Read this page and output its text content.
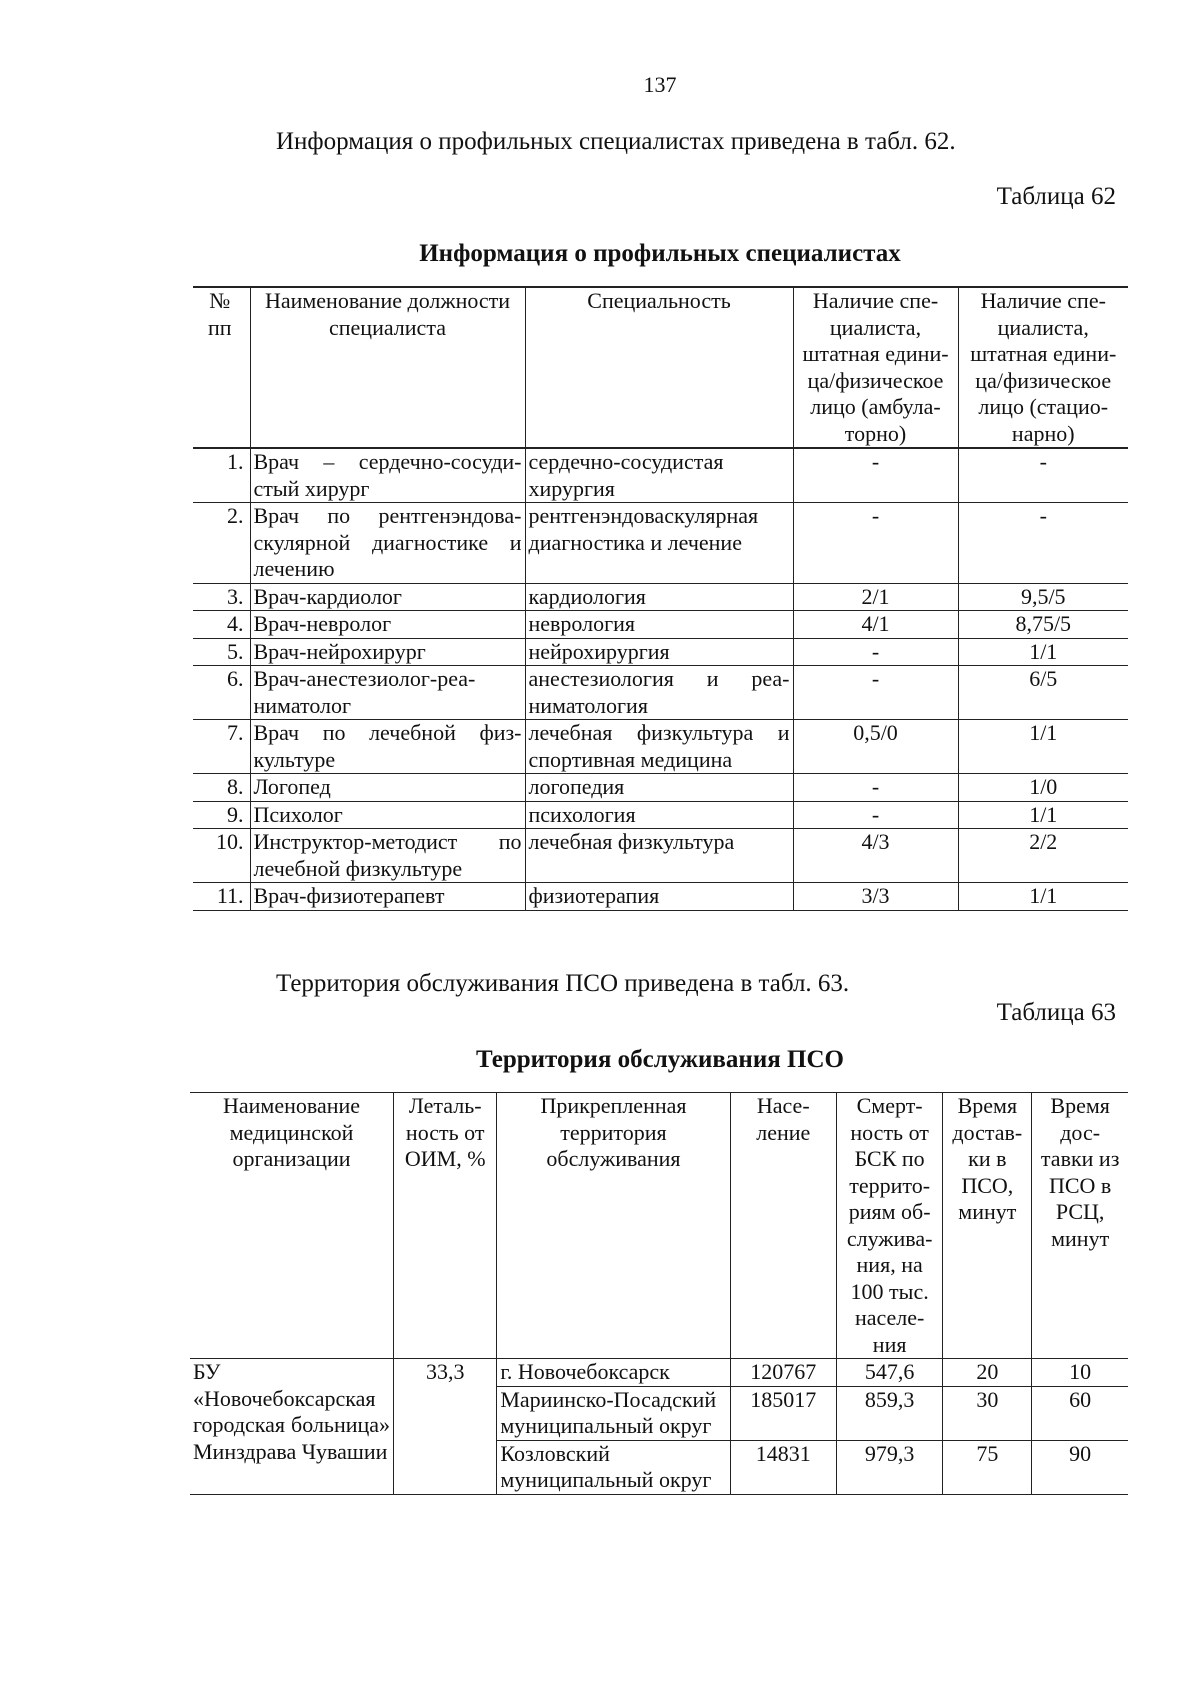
137
Информация о профильных специалистах приведена в табл. 62.
Таблица 62
Информация о профильных специалистах
№ пп	Наименование должности специалиста	Специальность	Наличие спе-циалиста, штатная едини-ца/физическое лицо (амбула-торно)	Наличие спе-циалиста, штатная едини-ца/физическое лицо (стацио-нарно)
1.	Врач – сердечно-сосуди-стый хирург	сердечно-сосудистая хирургия	-	-
2.	Врач по рентгенэндова-скулярной диагностике и лечению	рентгенэндоваскулярная диагностика и лечение	-	-
3.	Врач-кардиолог	кардиология	2/1	9,5/5
4.	Врач-невролог	неврология	4/1	8,75/5
5.	Врач-нейрохирург	нейрохирургия	-	1/1
6.	Врач-анестезиолог-реа-ниматолог	анестезиология и реа-ниматология	-	6/5
7.	Врач по лечебной физ-культуре	лечебная физкультура и спортивная медицина	0,5/0	1/1
8.	Логопед	логопедия	-	1/0
9.	Психолог	психология	-	1/1
10.	Инструктор-методист по лечебной физкультуре	лечебная физкультура	4/3	2/2
11.	Врач-физиотерапевт	физиотерапия	3/3	1/1
Территория обслуживания ПСО приведена в табл. 63.
Таблица 63
Территория обслуживания ПСО
Наименование медицинской организации	Леталь-ность от ОИМ, %	Прикрепленная территория обслуживания	Насе-ление	Смерт-ность от БСК по террито-риям об-служива-ния, на 100 тыс. населе-ния	Время достав-ки в ПСО, минут	Время дос-тавки из ПСО в РСЦ, минут
БУ «Новочебоксарская городская больница» Минздрава Чувашии	33,3	г. Новочебоксарск	120767	547,6	20	10
		Мариинско-Посадский муниципальный округ	185017	859,3	30	60
		Козловский муниципальный округ	14831	979,3	75	90
